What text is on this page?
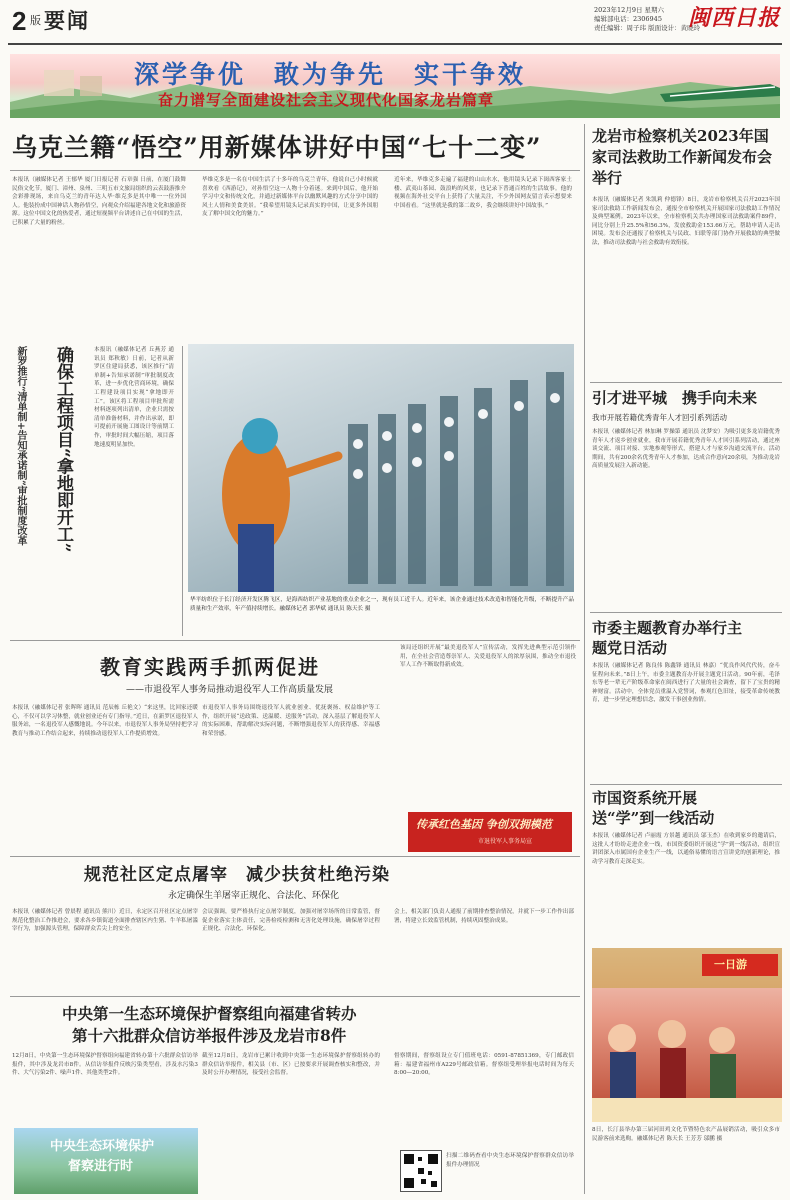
2 版 要闻	2023年12月9日 星期六
编辑部电话：2306945
责任编辑：周子玮 版面设计：黄晓玲
闽西日报
深学争优　敢为争先　实干争效
奋力谱写全面建设社会主义现代化国家龙岩篇章
乌克兰籍“悟空”用新媒体讲好中国“七十二变”
本报讯（融媒体记者 王郁华 厦门日报记者 石章强 日前，在厦门鼓舞民俗文化节，厦门、漳州、泉州、三明五市文旅局组织的云表鼓游推介会彩排现场，来自乌克兰的青年达人毕·维克多是其中唯一一位外国人。他装扮成中国神话人物孙悟空，向观众介绍福建各地文化和旅游资源。这位中国文化的热爱者，通过短视频平台讲述自己在中国的生活，已积累了大量的粉丝。
毕维克多是一名在中国生活了十多年的乌克兰青年，他说自己小时候就喜欢看《西游记》，对孙悟空这一人物十分着迷。来到中国后，他开始学习中文和传统文化，并通过新媒体平台以幽默风趣的方式分享中国的风土人情和美食美景。“我希望用镜头记录真实的中国，让更多外国朋友了解中国文化的魅力。”
近年来，毕维克多走遍了福建的山山水水，他用镜头记录下闽西客家土楼、武夷山茶园、鼓浪屿的风景，也记录下普通百姓的生活故事。他的视频在海外社交平台上获得了大量关注，不少外国网友留言表示想要来中国看看。“这里就是我的第二故乡，我会继续讲好中国故事。”
新罗推行“清单制+告知承诺制”审批制度改革	确保工程项目“拿地即开工”	本报讯（融媒体记者 丘燕芳 通讯员 郑秋敏）日前，记者从新罗区住建局获悉，该区推行“清单制+告知承诺制”审批制度改革，进一步优化营商环境，确保工程建设项目实现“拿地即开工”。该区将工程项目审批所需材料逐项列出清单，企业只需按清单准备材料，并作出承诺，即可提前开展施工图设计等前期工作，审批时间大幅压缩，项目落地速度明显加快。
华平纺织位于长汀经济开发区腾飞区，是海西纺织产业基地的重点企业之一，现有员工近千人。近年来，该企业通过技术改造和智能化升级，不断提升产品质量和生产效率，年产值持续增长。融媒体记者 郭华斌 通讯员 陈天长 摄
教育实践两手抓两促进
——市退役军人事务局推动退役军人工作高质量发展
本报讯（融媒体记者 张晖晖 通讯员 范辰栋 丘艳文）“来这里，比回家还暖心，不仅可以学习休整，就业创业还有专门指导。”近日，在新罗区退役军人服务站，一名退役军人感慨地说。今年以来，市退役军人事务局坚持把学习教育与推动工作结合起来，持续推动退役军人工作提质增效。
市退役军人事务局围绕退役军人就业创业、优抚褒扬、权益维护等工作，组织开展“送政策、送温暖、送服务”活动，深入基层了解退役军人的实际困难，帮助解决实际问题，不断增强退役军人的获得感、幸福感和荣誉感。
该局还组织开展“最美退役军人”宣传活动，发挥先进典型示范引领作用，在全社会营造尊崇军人、关爱退役军人的浓厚氛围，推动全市退役军人工作不断取得新成效。
传承红色基因 争创双拥模范
市退役军人事务局宣
规范社区定点屠宰　减少扶贫杜绝污染
永定确保生羊屠宰正规化、合法化、环保化
本报讯（融媒体记者 曾晨程 通讯员 熊川）近日，永定区召开社区定点屠宰规范化整治工作推进会，要求各乡镇街道全面排查辖区内生猪、牛羊私屠滥宰行为，加强源头管理，保障群众舌尖上的安全。
会议强调，要严格执行定点屠宰制度，加强对屠宰场所的日常监管，督促企业落实主体责任，完善检疫检测和无害化处理设施，确保屠宰过程正规化、合法化、环保化。
会上，相关部门负责人通报了前期排查整治情况，并就下一步工作作出部署，将建立长效监管机制，持续巩固整治成果。
中央第一生态环境保护督察组向福建省转办
第十六批群众信访举报件涉及龙岩市8件
12月8日，中央第一生态环境保护督察组向福建省转办第十六批群众信访举报件，其中涉及龙岩市8件。从信访举报件反映污染类型看，涉及水污染3件、大气污染2件、噪声1件、其他类型2件。
截至12月8日，龙岩市已累计收到中央第一生态环境保护督察组转办的群众信访举报件，相关县（市、区）已按要求开展调查核实和整改，并及时公开办理情况，接受社会监督。
督察期间，督察组设立专门值班电话：0591-87851369，专门邮政信箱：福建省福州市A229号邮政信箱。督察组受理举报电话时间为每天8:00—20:00。
中央生态环境保护
督察进行时
扫描二维码查看中央生态环境保护督察群众信访举报件办理情况
龙岩市检察机关2023年国家司法救助工作新闻发布会举行
本报讯（融媒体记者 朱凯莉 仲德锋）8日，龙岩市检察机关召开2023年国家司法救助工作新闻发布会，通报全市检察机关开展国家司法救助工作情况及典型案例。2023年以来，全市检察机关共办理国家司法救助案件89件，同比分别上升25.5%和56.3%，发放救助金153.66万元，帮助申请人走出困境。发布会还通报了检察机关与民政、妇联等部门协作开展救助的典型做法，推动司法救助与社会救助有效衔接。
引才进平城　携手向未来
我市开展若籍优秀青年人才回引系列活动
本报讯（融媒体记者 林加琳 罗操第 通讯员 沈梦安）为吸引更多龙岩籍优秀青年人才返乡创业就业，我市开展若籍优秀青年人才回引系列活动，通过座谈交流、项目对接、实地参观等形式，搭建人才与家乡沟通交流平台。活动期间，共有200余名优秀青年人才参加，达成合作意向20余项，为推动龙岩高质量发展注入新动能。
市委主题教育办举行主题党日活动
本报讯（融媒体记者 陈良伟 陈鑫锋 通讯员 林嘉）“优良作风代代传，奋斗征程向未来。”8日上午，市委主题教育办开展主题党日活动。90年前，毛泽东等老一辈无产阶级革命家在闽西进行了大量的社会调查，留下了宝贵的精神财富。活动中，全体党员重温入党誓词，参观红色旧址，接受革命传统教育，进一步坚定理想信念，激发干事创业热情。
市国资系统开展送“学”到一线活动
本报讯（融媒体记者 卢丽霞 方景越 通讯员 邬玉杰）在收到家乡的邀请后，这批人才纷纷走进企业一线，市国资委组织开展送“学”到一线活动，组织宣讲团深入市属国有企业生产一线，以通俗易懂的语言宣讲党的创新理论，推动学习教育走深走实。
一日游
8日，长汀县举办第三届河田鸡文化节暨特色农产品展销活动，吸引众多市民游客前来选购。融媒体记者 陈天长 王芳芳 邬鹏 摄
